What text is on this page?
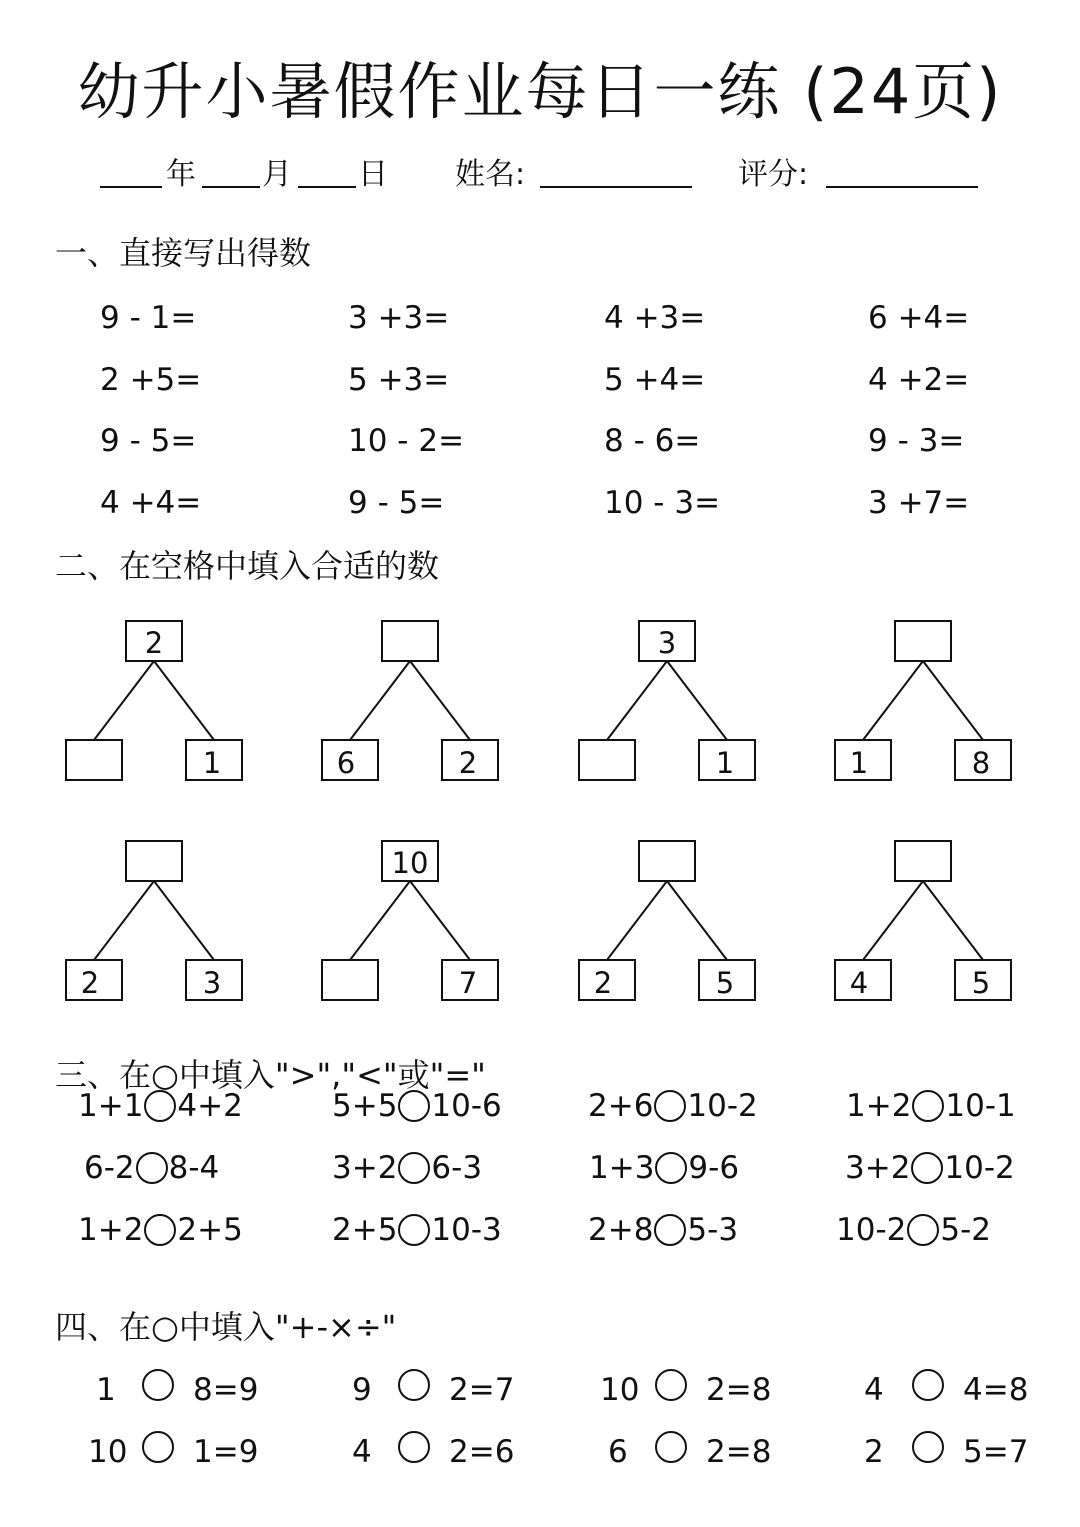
幼升小暑假作业每日一练 (24页)
年 月 日 姓名:	评分:
一、直接写出得数
9 - 1=	3 +3=	4 +3=	6 +4=
2 +5=	5 +3=	5 +4=	4 +2=
9 - 5=	10 - 2=	8 - 6=	9 - 3=
4 +4=	9 - 5=	10 - 3=	3 +7=
二、在空格中填入合适的数
2
1	6	2
3
1	1	8
2	3
10
7	2	5	4	5
三、在○中填入">","<"或"="
1+1 4+2	5+5 10-6	2+6 10-2	1+2 10-1
6-2 8-4	3+2 6-3	1+3 9-6	3+2 10-2
1+2 2+5	2+5 10-3	2+8 5-3	10-2 5-2
四、在○中填入"+-×÷"
1 8=9	9 2=7	10 2=8	4	4=8
10 1=9	4 2=6	6	2=8	2	5=7
